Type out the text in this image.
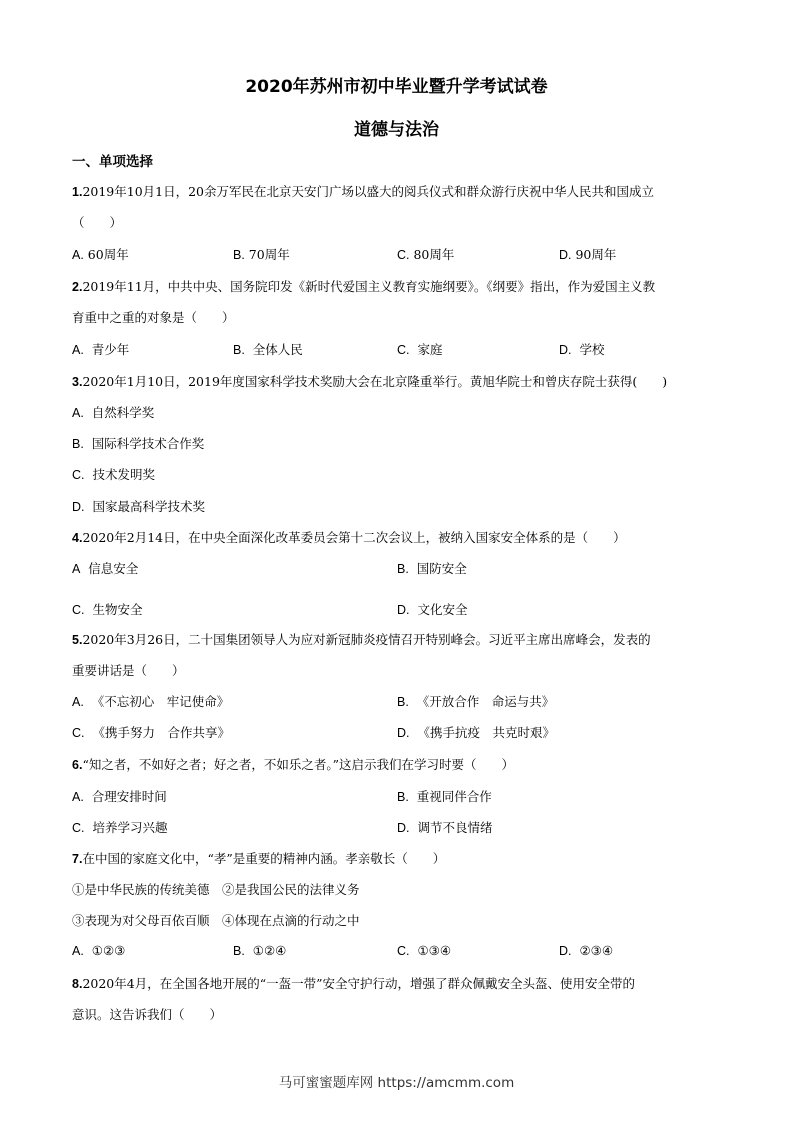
2020年苏州市初中毕业暨升学考试试卷
道德与法治
一、单项选择
1.2019年10月1日，20余万军民在北京天安门广场以盛大的阅兵仪式和群众游行庆祝中华人民共和国成立
（　　）
A. 60周年	B. 70周年	C. 80周年	D. 90周年
2.2019年11月，中共中央、国务院印发《新时代爱国主义教育实施纲要》。《纲要》指出，作为爱国主义教
育重中之重的对象是（　　）
A. 青少年	B. 全体人民	C. 家庭	D. 学校
3.2020年1月10日，2019年度国家科学技术奖励大会在北京隆重举行。黄旭华院士和曾庆存院士获得(　　)
A. 自然科学奖
B. 国际科学技术合作奖
C. 技术发明奖
D. 国家最高科学技术奖
4.2020年2月14日，在中央全面深化改革委员会第十二次会议上，被纳入国家安全体系的是（　　）
A 信息安全	B. 国防安全
C. 生物安全	D. 文化安全
5.2020年3月26日，二十国集团领导人为应对新冠肺炎疫情召开特别峰会。习近平主席出席峰会，发表的
重要讲话是（　　）
A. 《不忘初心　牢记使命》	B. 《开放合作　命运与共》
C. 《携手努力　合作共享》	D. 《携手抗疫　共克时艰》
6.“知之者，不如好之者；好之者，不如乐之者。”这启示我们在学习时要（　　）
A. 合理安排时间	B. 重视同伴合作
C. 培养学习兴趣	D. 调节不良情绪
7.在中国的家庭文化中，“孝”是重要的精神内涵。孝亲敬长（　　）
①是中华民族的传统美德　②是我国公民的法律义务
③表现为对父母百依百顺　④体现在点滴的行动之中
A. ①②③	B. ①②④	C. ①③④	D. ②③④
8.2020年4月，在全国各地开展的“一盔一带”安全守护行动，增强了群众佩戴安全头盔、使用安全带的
意识。这告诉我们（　　）
马可蜜蜜题库网 https://amcmm.com
